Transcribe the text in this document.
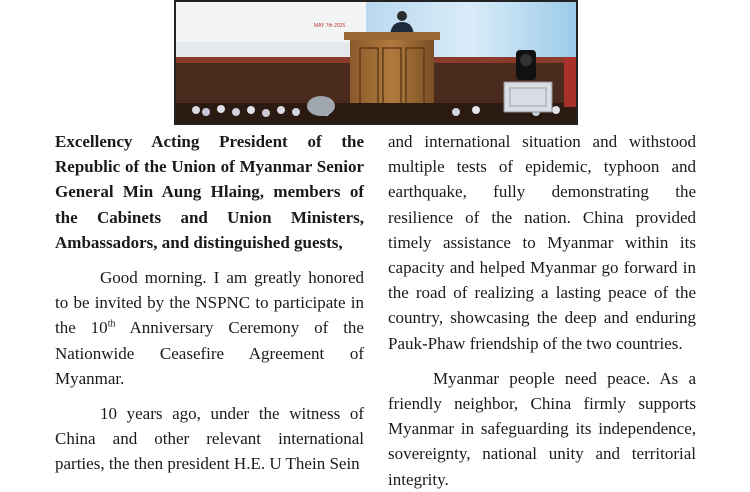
MAY 7th 2025

Excellency Acting President of the Republic of the Union of Myanmar Senior General Min Aung Hlaing, members of the Cabinets and Union Ministers, Ambassadors, and distinguished guests,

Good morning. I am greatly honored to be invited by the NSPNC to participate in the 10th Anniversary Ceremony of the Nationwide Ceasefire Agreement of Myanmar.

10 years ago, under the witness of China and other relevant international parties, the then president H.E. U Thein Sein

and international situation and withstood multiple tests of epidemic, typhoon and earthquake, fully demonstrating the resilience of the nation. China provided timely assistance to Myanmar within its capacity and helped Myanmar go forward in the road of realizing a lasting peace of the country, showcasing the deep and enduring Pauk-Phaw friendship of the two countries.

Myanmar people need peace. As a friendly neighbor, China firmly supports Myanmar in safeguarding its independence, sovereignty, national unity and territorial integrity.
